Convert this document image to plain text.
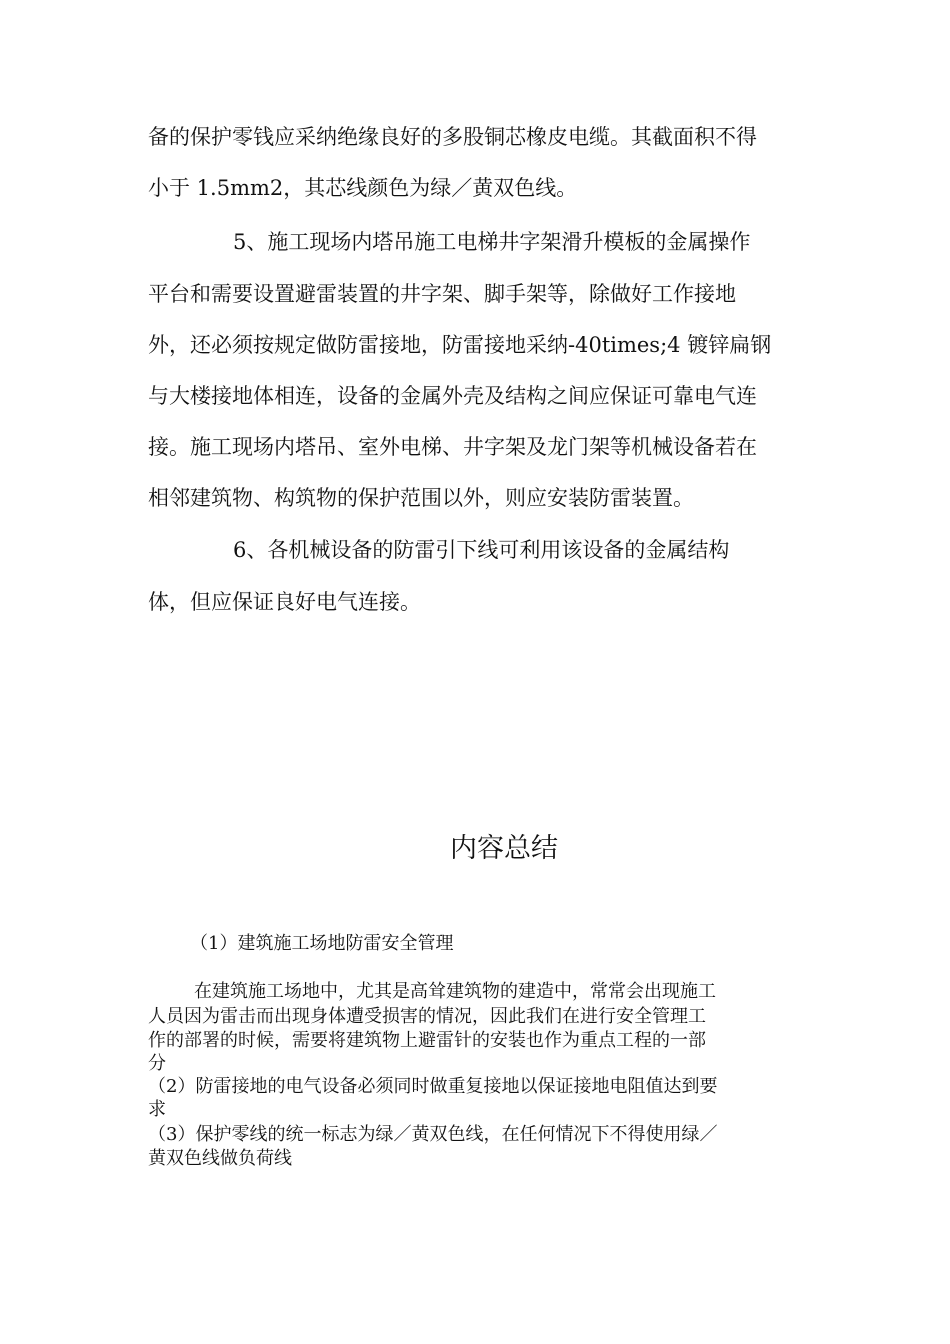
备的保护零钱应采纳绝缘良好的多股铜芯橡皮电缆。其截面积不得
小于 1.5mm2，其芯线颜色为绿／黄双色线。
5、施工现场内塔吊施工电梯井字架滑升模板的金属操作
平台和需要设置避雷装置的井字架、脚手架等，除做好工作接地
外，还必须按规定做防雷接地，防雷接地采纳-40times;4 镀锌扁钢
与大楼接地体相连，设备的金属外壳及结构之间应保证可靠电气连
接。施工现场内塔吊、室外电梯、井字架及龙门架等机械设备若在
相邻建筑物、构筑物的保护范围以外，则应安装防雷装置。
6、各机械设备的防雷引下线可利用该设备的金属结构
体，但应保证良好电气连接。
内容总结
（1）建筑施工场地防雷安全管理
在建筑施工场地中，尤其是高耸建筑物的建造中，常常会出现施工
人员因为雷击而出现身体遭受损害的情况，因此我们在进行安全管理工
作的部署的时候，需要将建筑物上避雷针的安装也作为重点工程的一部
分
（2）防雷接地的电气设备必须同时做重复接地以保证接地电阻值达到要
求
（3）保护零线的统一标志为绿／黄双色线，在任何情况下不得使用绿／
黄双色线做负荷线
